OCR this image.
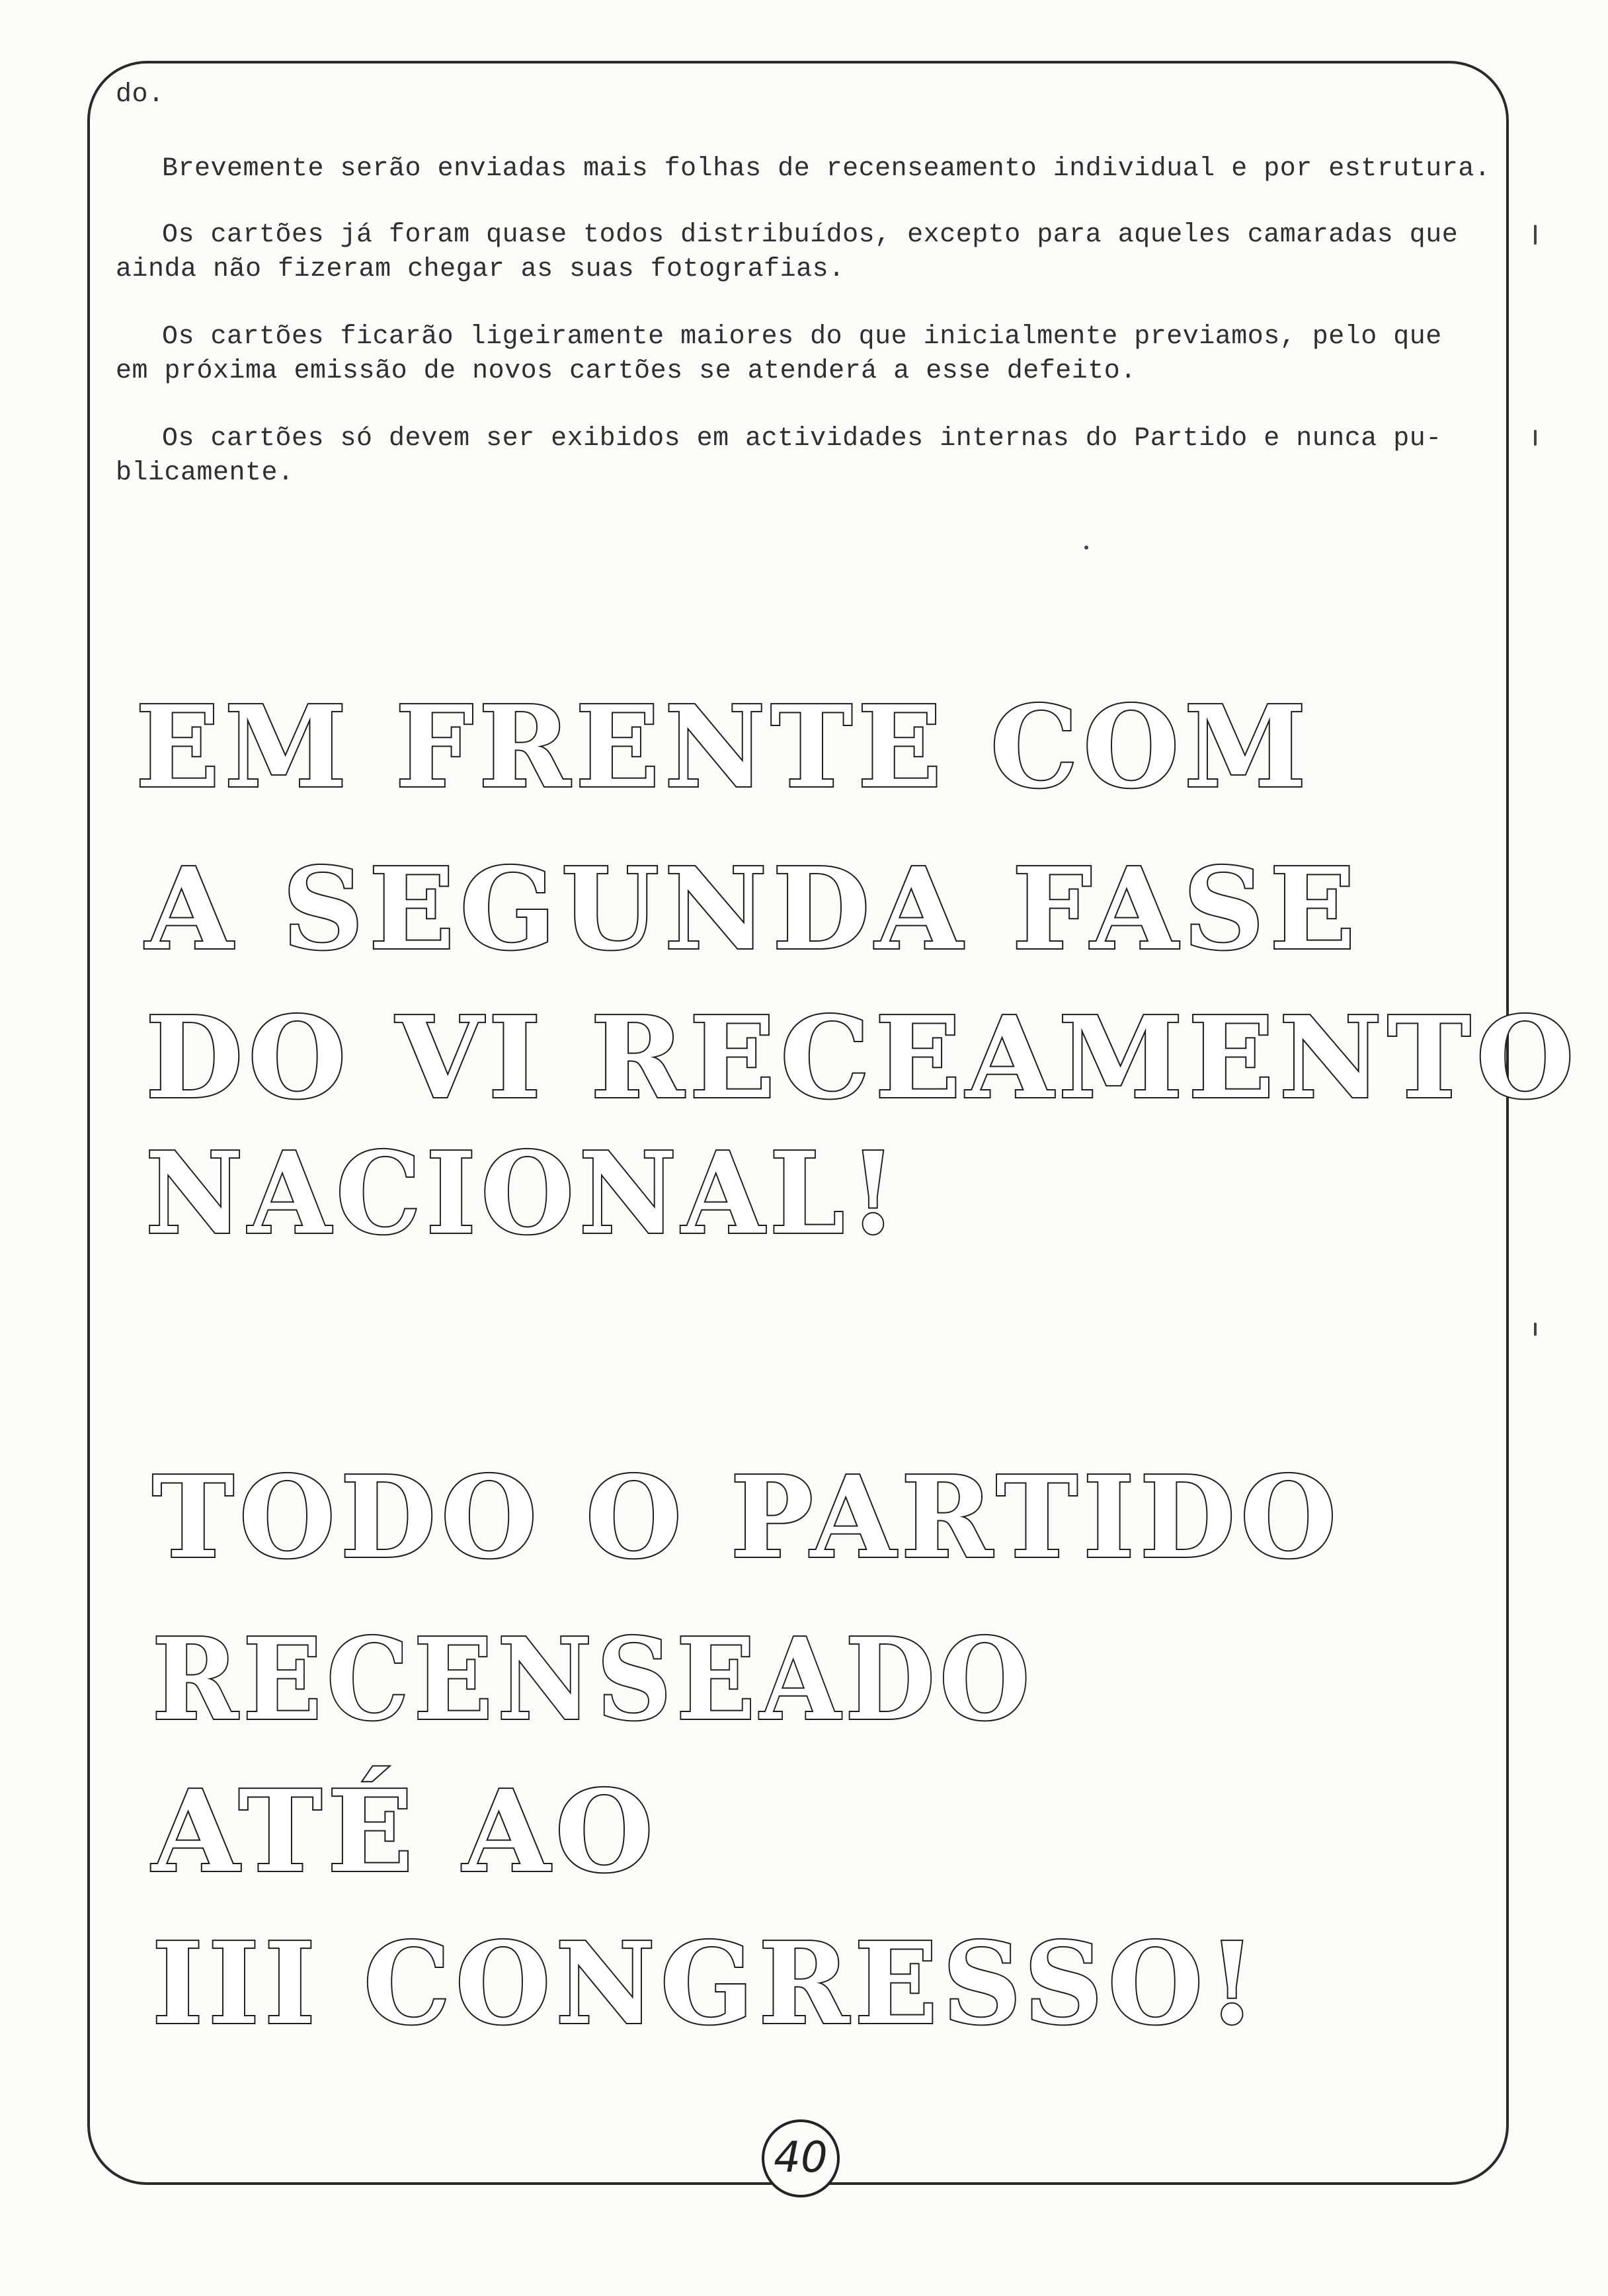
do.

Brevemente serão enviadas mais folhas de recenseamento individual e por estrutura.

Os cartões já foram quase todos distribuídos, excepto para aqueles camaradas que

ainda não fizeram chegar as suas fotografias.

Os cartões ficarão ligeiramente maiores do que inicialmente previamos, pelo que

em próxima emissão de novos cartões se atenderá a esse defeito.

Os cartões só devem ser exibidos em actividades internas do Partido e nunca pu-

blicamente.

EM FRENTE COM
A SEGUNDA FASE
DO VI RECEAMENTO
NACIONAL!
TODO O PARTIDO
RECENSEADO
ATÉ AO
III CONGRESSO!
40
